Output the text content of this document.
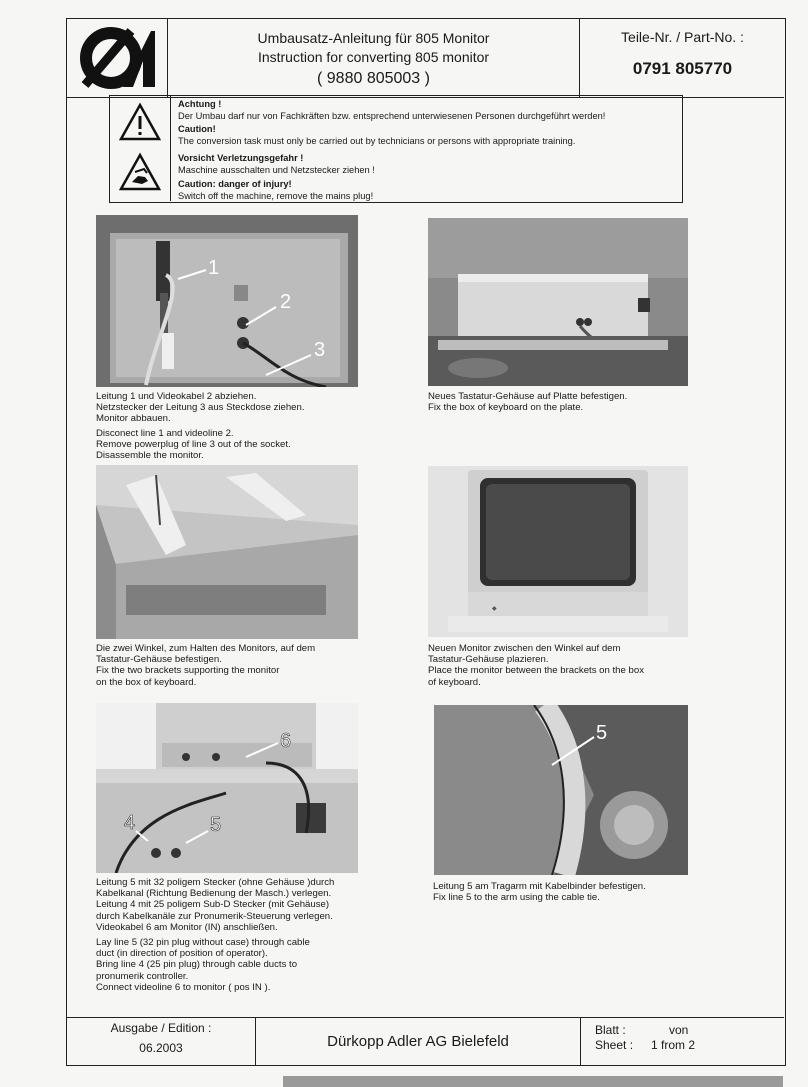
Umbausatz-Anleitung für 805 Monitor
Instruction for converting 805 monitor
( 9880 805003 )
Teile-Nr. / Part-No. :
0791 805770
Achtung !
Der Umbau darf nur von Fachkräften bzw. entsprechend unterwiesenen Personen durchgeführt werden!
Caution!
The conversion task must only be carried out by technicians or persons with appropriate training.
Vorsicht Verletzungsgefahr !
Maschine ausschalten und Netzstecker ziehen !
Caution: danger of injury!
Switch off the machine, remove the mains plug!
1
2
3
Leitung 1 und Videokabel 2 abziehen.
Netzstecker der Leitung 3 aus Steckdose ziehen.
Monitor abbauen.
Disconect line 1 and videoline 2.
Remove powerplug of line 3 out of the socket.
Disassemble the monitor.
Neues Tastatur-Gehäuse auf Platte befestigen.
Fix the box of keyboard on the plate.
Die zwei Winkel, zum Halten des Monitors, auf dem
Tastatur-Gehäuse befestigen.
Fix the two brackets supporting the monitor
on the box of keyboard.
◆
Neuen Monitor zwischen den Winkel auf dem
Tastatur-Gehäuse plazieren.
Place the monitor between the brackets on the box
of keyboard.
6
4	5
Leitung 5 mit 32 poligem Stecker (ohne Gehäuse )durch
Kabelkanal (Richtung Bedienung der Masch.) verlegen.
Leitung 4 mit 25 poligem Sub-D Stecker (mit Gehäuse)
durch Kabelkanäle zur Pronumerik-Steuerung verlegen.
Videokabel 6 am Monitor (IN) anschließen.
Lay line 5 (32 pin plug without case) through cable
duct (in direction of position of operator).
Bring line 4 (25 pin plug) through cable ducts to
pronumerik controller.
Connect videoline 6 to monitor ( pos IN ).
5
Leitung 5 am Tragarm mit Kabelbinder befestigen.
Fix line 5 to the arm using the cable tie.
Ausgabe / Edition :
06.2003	Dürkopp Adler AG Bielefeld
Blatt :	von
Sheet : 1 from 2
